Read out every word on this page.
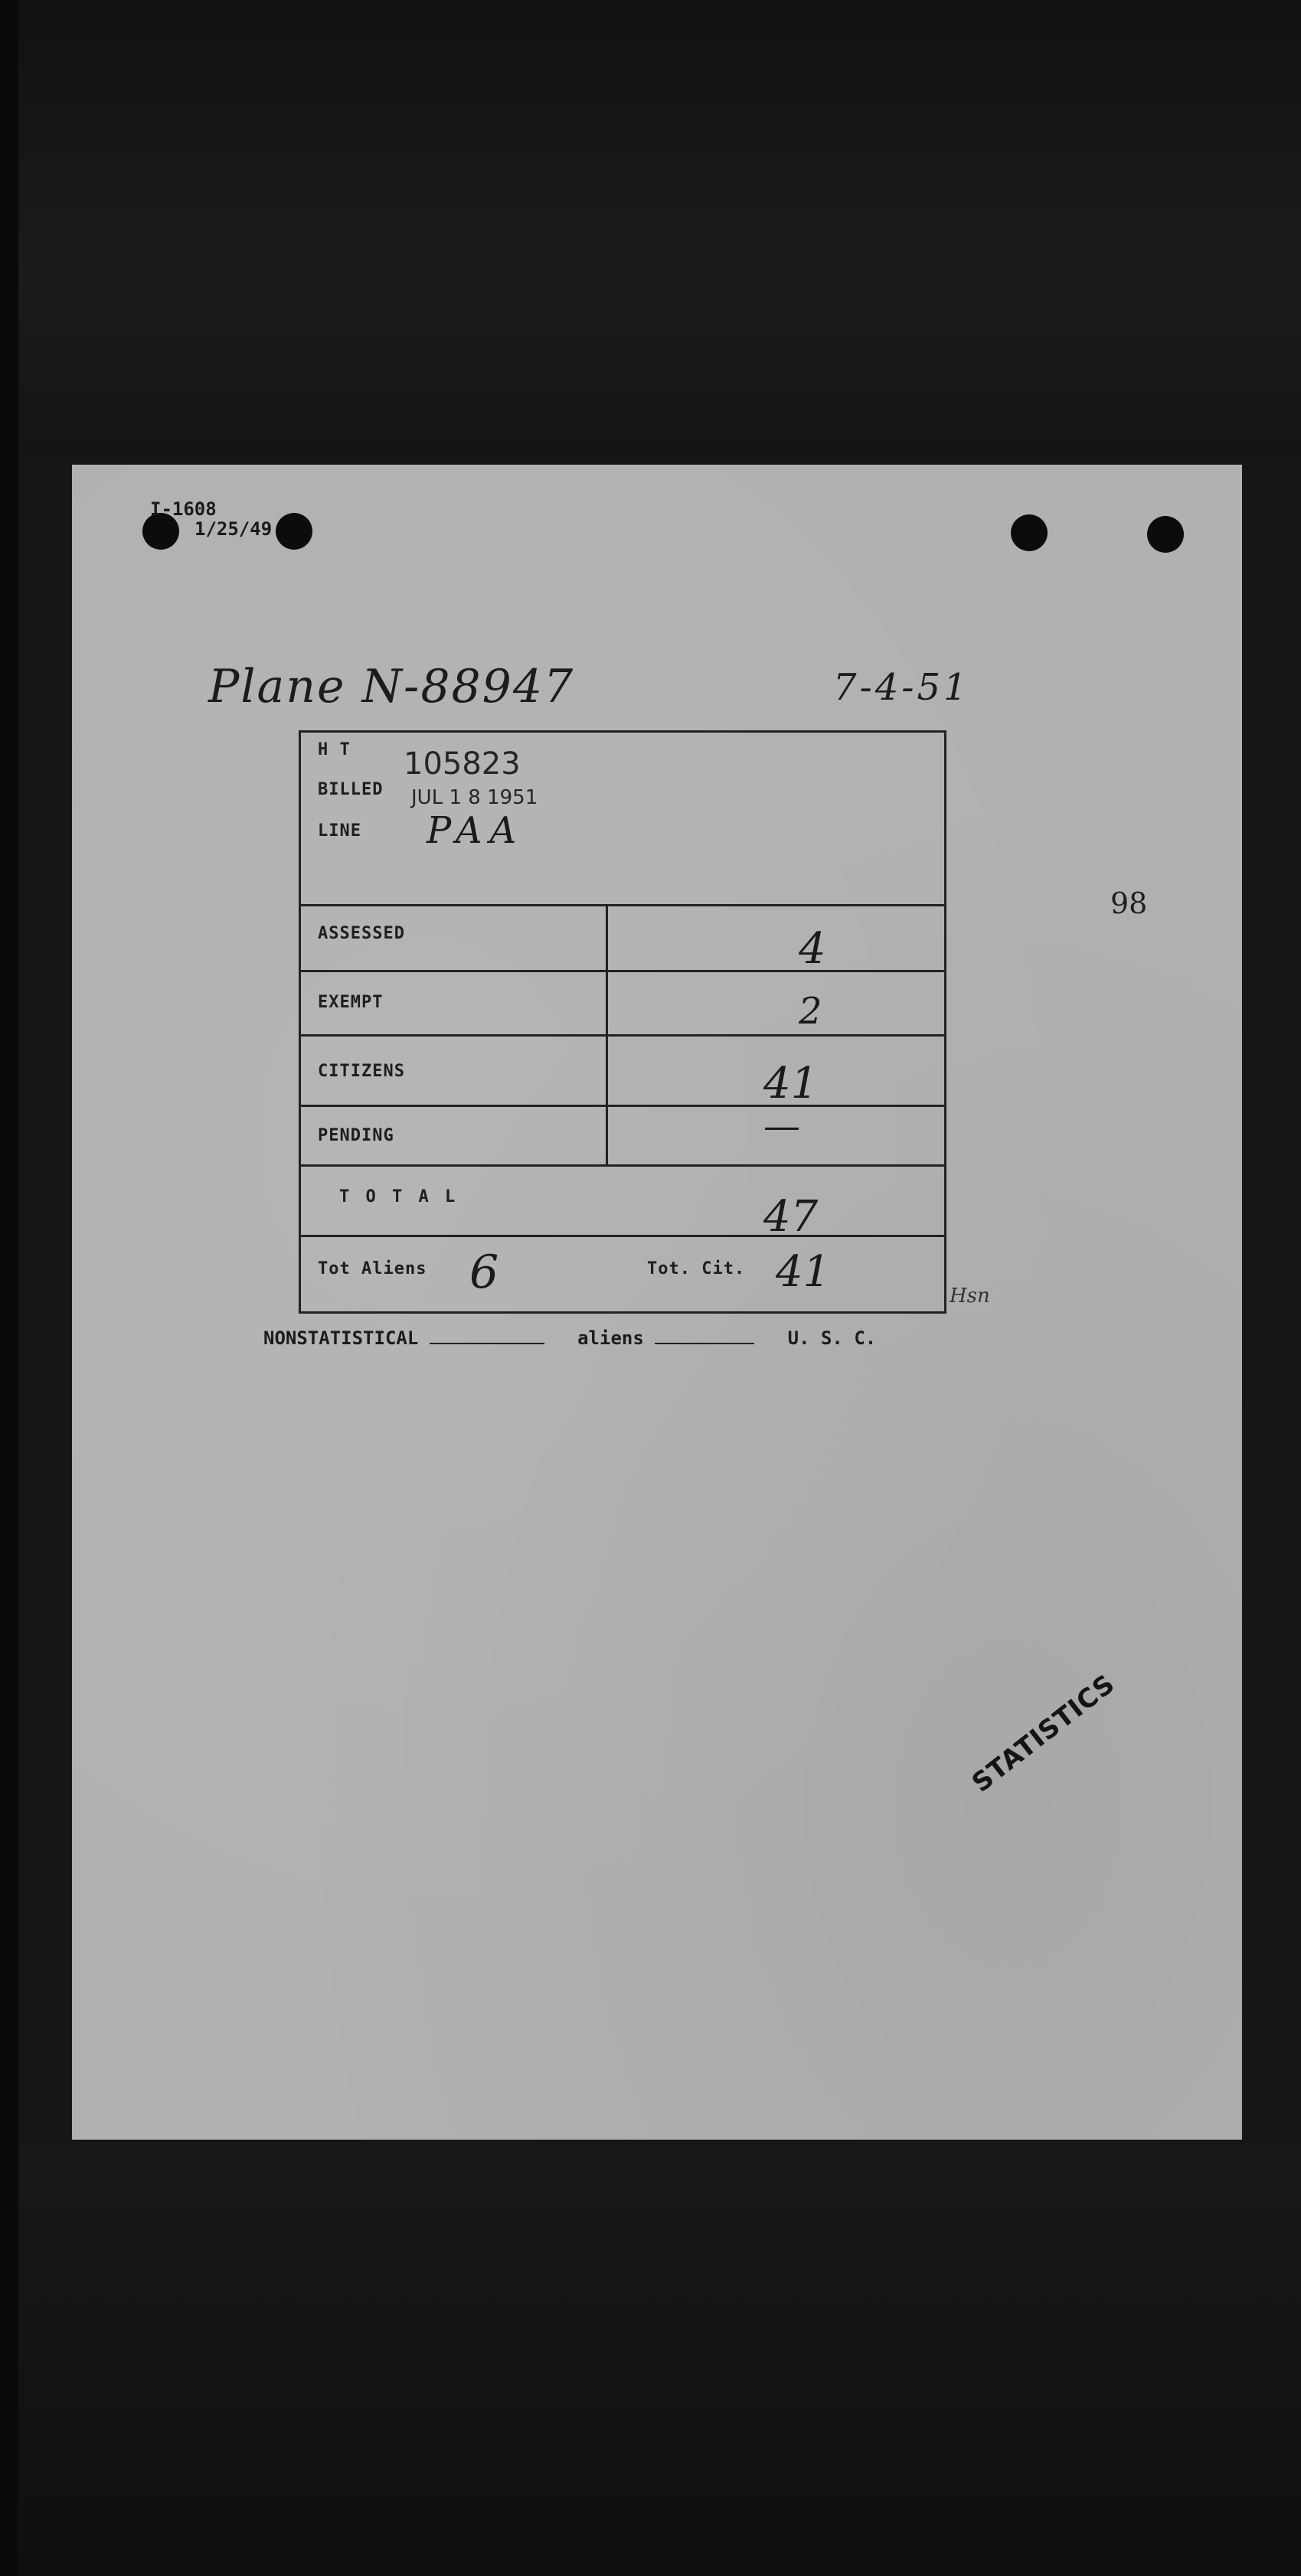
I-1608
1/25/49
Plane N-88947	7-4-51
98
H T 105823
BILLED JUL 1 8 1951
LINE PAA
ASSESSED	4
EXEMPT	2
CITIZENS	41
PENDING	—
T O T A L	47
Tot Aliens 6	Tot. Cit. 41	Hsn
NONSTATISTICAL	aliens	U. S. C.
STATISTICS
